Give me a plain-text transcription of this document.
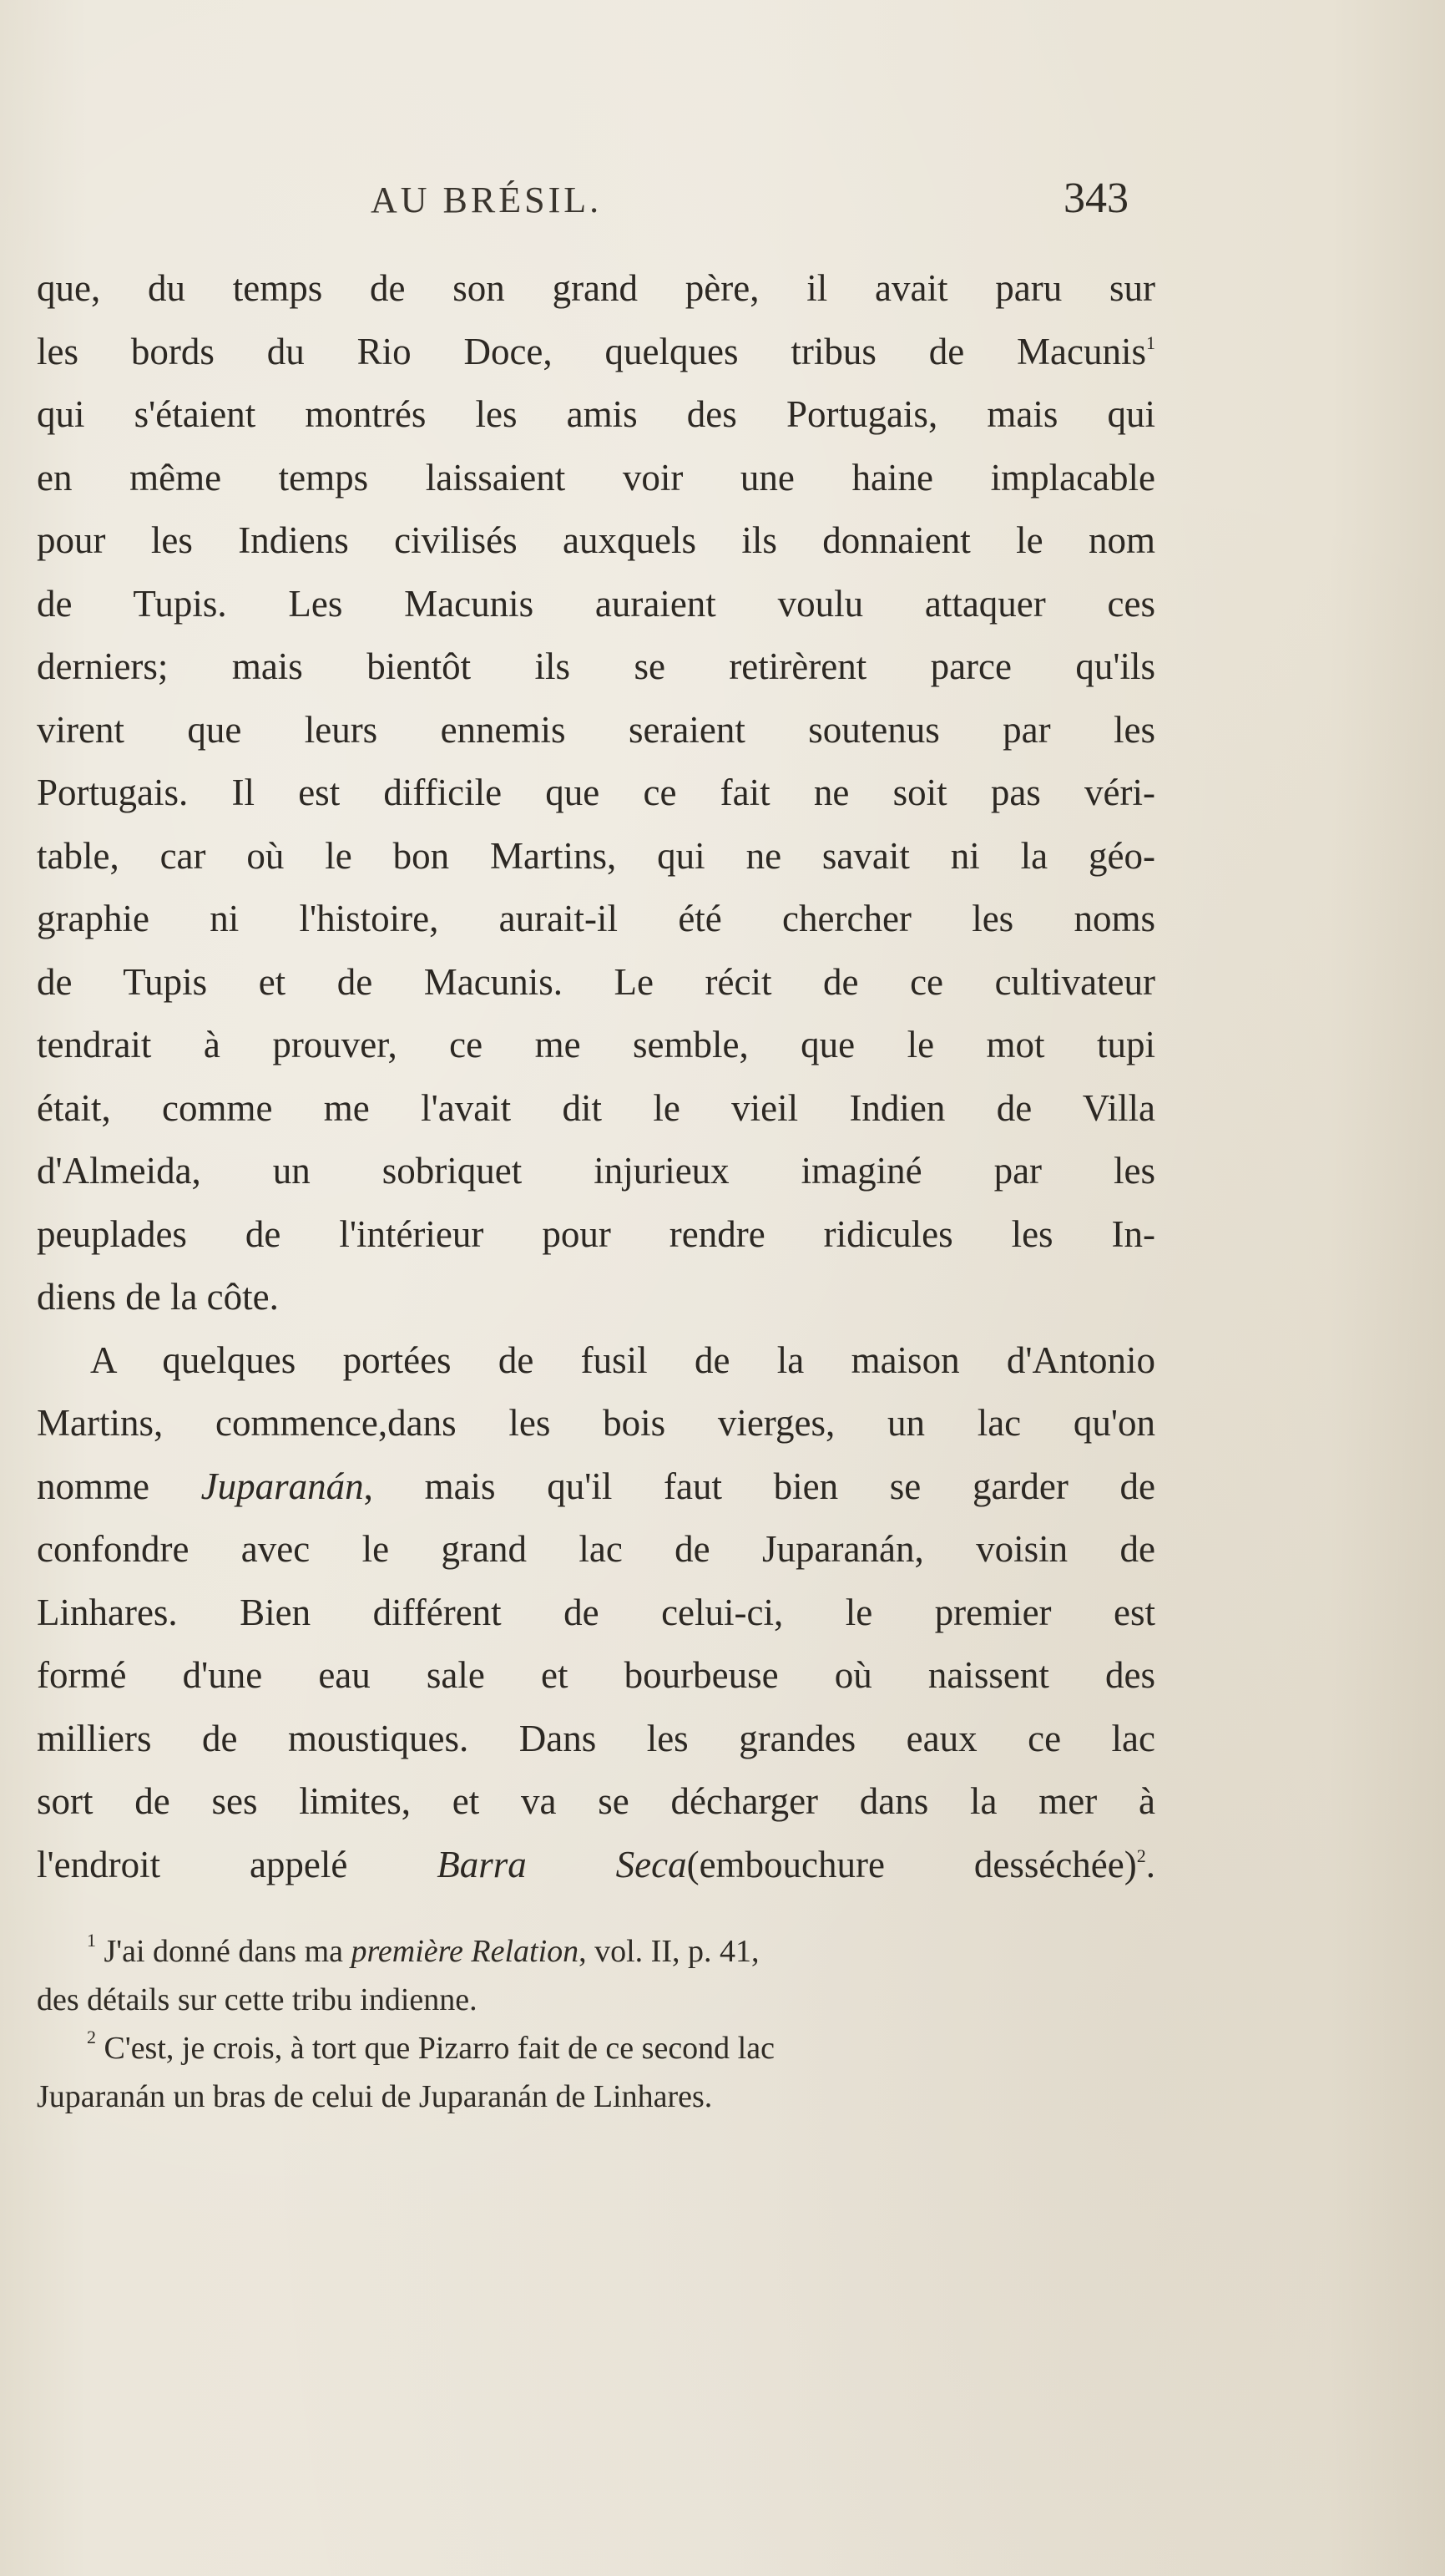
AU BRÉSIL.	343
que, du temps de son grand père, il avait paru sur
les bords du Rio Doce, quelques tribus de Macunis$^1$
qui s'étaient montrés les amis des Portugais, mais qui
en même temps laissaient voir une haine implacable
pour les Indiens civilisés auxquels ils donnaient le nom
de Tupis. Les Macunis auraient voulu attaquer ces
derniers; mais bientôt ils se retirèrent parce qu'ils
virent que leurs ennemis seraient soutenus par les
Portugais. Il est difficile que ce fait ne soit pas véri-
table, car où le bon Martins, qui ne savait ni la géo-
graphie ni l'histoire, aurait-il été chercher les noms
de Tupis et de Macunis. Le récit de ce cultivateur
tendrait à prouver, ce me semble, que le mot tupi
était, comme me l'avait dit le vieil Indien de Villa
d'Almeida, un sobriquet injurieux imaginé par les
peuplades de l'intérieur pour rendre ridicules les In-
diens de la côte.
A quelques portées de fusil de la maison d'Antonio
Martins, commence,dans les bois vierges, un lac qu'on
nomme Juparanán, mais qu'il faut bien se garder de
confondre avec le grand lac de Juparanán, voisin de
Linhares. Bien différent de celui-ci, le premier est
formé d'une eau sale et bourbeuse où naissent des
milliers de moustiques. Dans les grandes eaux ce lac
sort de ses limites, et va se décharger dans la mer à
l'endroit appelé Barra Seca(embouchure desséchée)$^2$.
$^1$ J'ai donné dans ma première Relation, vol. II, p. 41,
des détails sur cette tribu indienne.
$^2$ C'est, je crois, à tort que Pizarro fait de ce second lac
Juparanán un bras de celui de Juparanán de Linhares.
